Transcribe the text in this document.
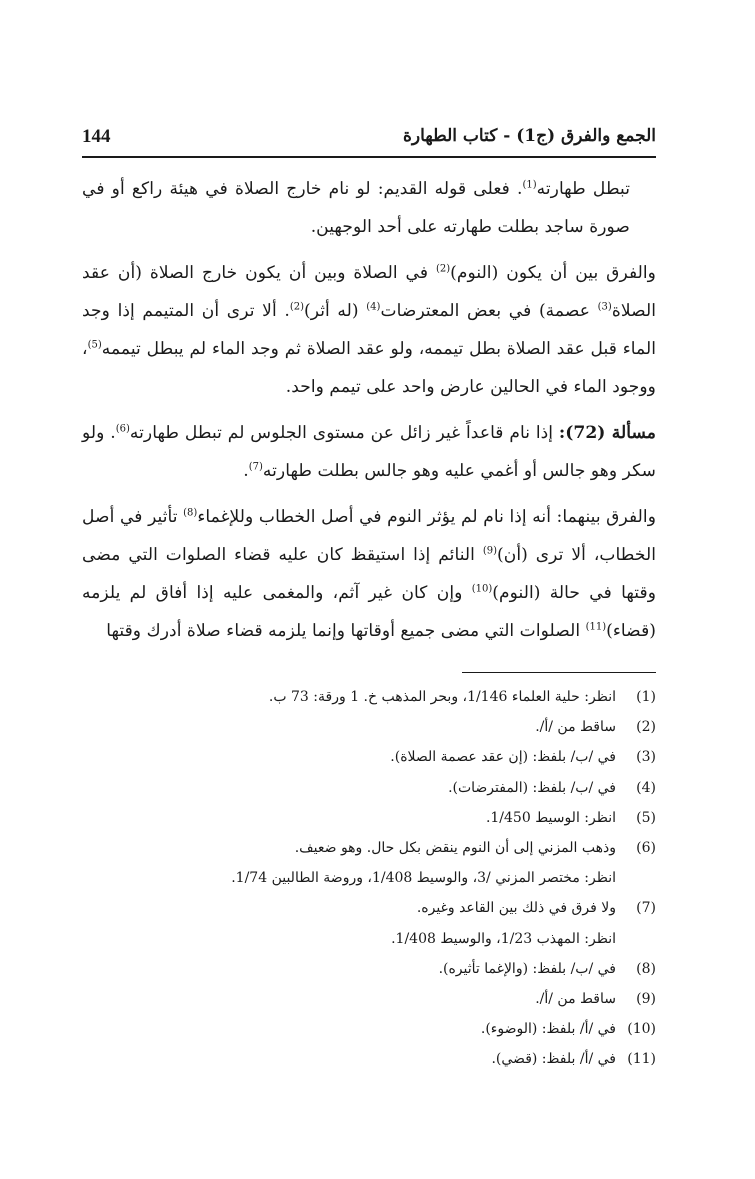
144	الجمع والفرق (ج1) - كتاب الطهارة

تبطل طهارته$^{(1)}$. فعلى قوله القديم: لو نام خارج الصلاة في هيئة راكع أو في صورة ساجد بطلت طهارته على أحد الوجهين.

والفرق بين أن يكون (النوم)$^{(2)}$ في الصلاة وبين أن يكون خارج الصلاة (أن عقد الصلاة$^{(3)}$ عصمة) في بعض المعترضات$^{(4)}$ (له أثر)$^{(2)}$. ألا ترى أن المتيمم إذا وجد الماء قبل عقد الصلاة بطل تيممه، ولو عقد الصلاة ثم وجد الماء لم يبطل تيممه$^{(5)}$، ووجود الماء في الحالين عارض واحد على تيمم واحد.

مسألة (72): إذا نام قاعداً غير زائل عن مستوى الجلوس لم تبطل طهارته$^{(6)}$. ولو سكر وهو جالس أو أغمي عليه وهو جالس بطلت طهارته$^{(7)}$.

والفرق بينهما: أنه إذا نام لم يؤثر النوم في أصل الخطاب وللإغماء$^{(8)}$ تأثير في أصل الخطاب، ألا ترى (أن)$^{(9)}$ النائم إذا استيقظ كان عليه قضاء الصلوات التي مضى وقتها في حالة (النوم)$^{(10)}$ وإن كان غير آثم، والمغمى عليه إذا أفاق لم يلزمه (قضاء)$^{(11)}$ الصلوات التي مضى جميع أوقاتها وإنما يلزمه قضاء صلاة أدرك وقتها

(1)
انظر: حلية العلماء 1/146، وبحر المذهب خ. 1 ورقة: 73 ب.
(2)
ساقط من /أ/.
(3)
في /ب/ بلفظ: (إن عقد عصمة الصلاة).
(4)
في /ب/ بلفظ: (المفترضات).
(5)
انظر: الوسيط 1/450.
(6)
وذهب المزني إلى أن النوم ينقض بكل حال. وهو ضعيف.
انظر: مختصر المزني /3، والوسيط 1/408، وروضة الطالبين 1/74.
(7)
ولا فرق في ذلك بين القاعد وغيره.
انظر: المهذب 1/23، والوسيط 1/408.
(8)
في /ب/ بلفظ: (والإغما تأثيره).
(9)
ساقط من /أ/.
(10)
في /أ/ بلفظ: (الوضوء).
(11)
في /أ/ بلفظ: (قضي).
